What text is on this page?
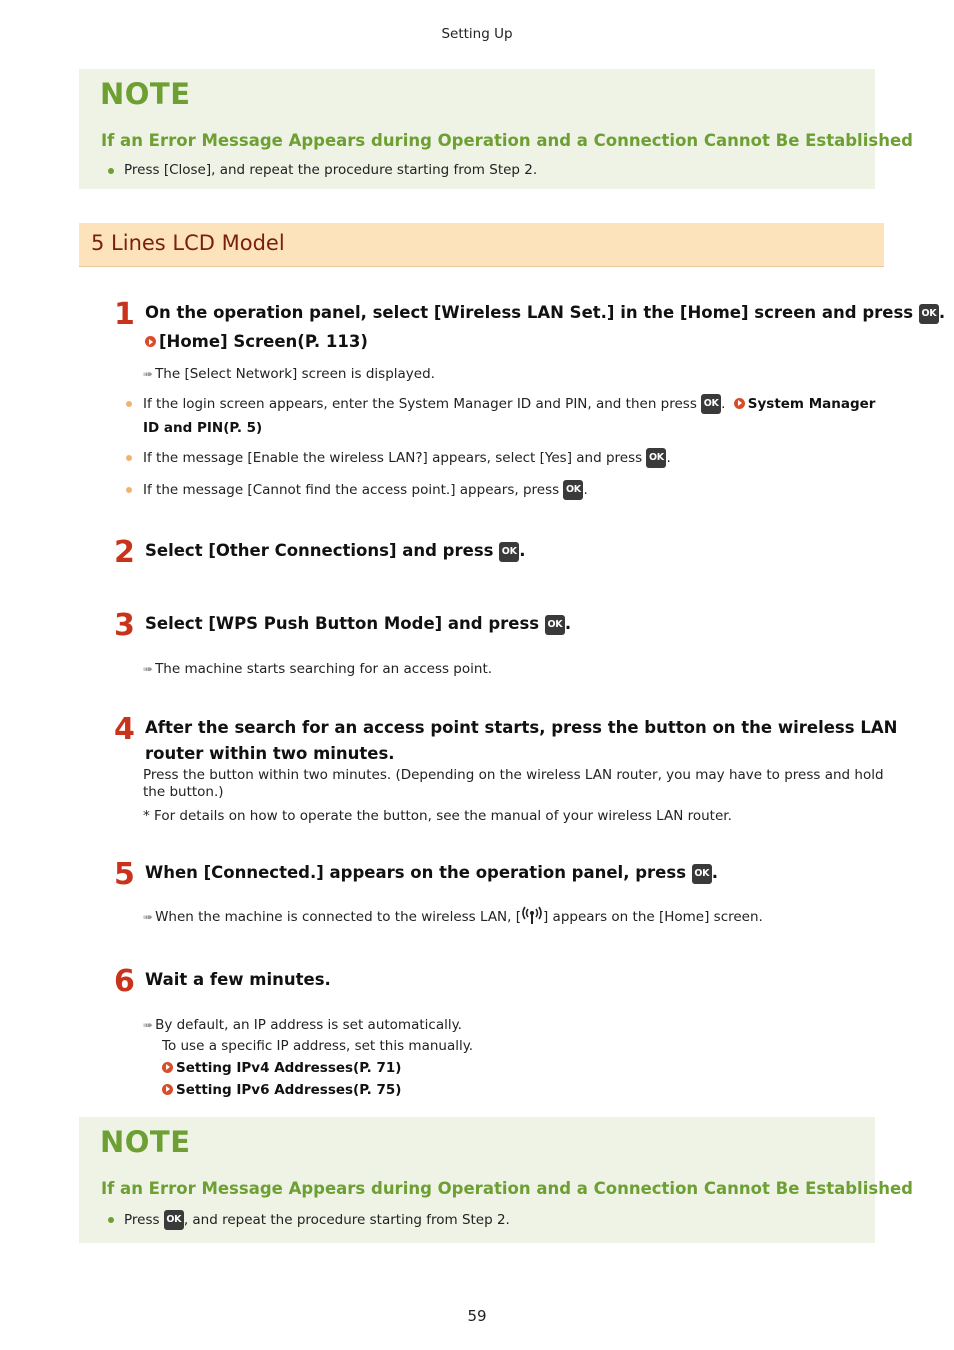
Setting Up
NOTE
If an Error Message Appears during Operation and a Connection Cannot Be Established
Press [Close], and repeat the procedure starting from Step 2.
5 Lines LCD Model
1 On the operation panel, select [Wireless LAN Set.] in the [Home] screen and press OK .
[Home] Screen(P. 113)
➠ The [Select Network] screen is displayed.
If the login screen appears, enter the System Manager ID and PIN, and then press OK . System Manager
ID and PIN(P. 5)
If the message [Enable the wireless LAN?] appears, select [Yes] and press OK .
If the message [Cannot find the access point.] appears, press OK .
2 Select [Other Connections] and press OK .
3 Select [WPS Push Button Mode] and press OK .
➠ The machine starts searching for an access point.
4 After the search for an access point starts, press the button on the wireless LAN
router within two minutes.
Press the button within two minutes. (Depending on the wireless LAN router, you may have to press and hold
the button.)
* For details on how to operate the button, see the manual of your wireless LAN router.
5 When [Connected.] appears on the operation panel, press OK .
➠ When the machine is connected to the wireless LAN, [ ] appears on the [Home] screen.
6 Wait a few minutes.
➠ By default, an IP address is set automatically.
To use a specific IP address, set this manually.
Setting IPv4 Addresses(P. 71)
Setting IPv6 Addresses(P. 75)
NOTE
If an Error Message Appears during Operation and a Connection Cannot Be Established
Press OK , and repeat the procedure starting from Step 2.
59
